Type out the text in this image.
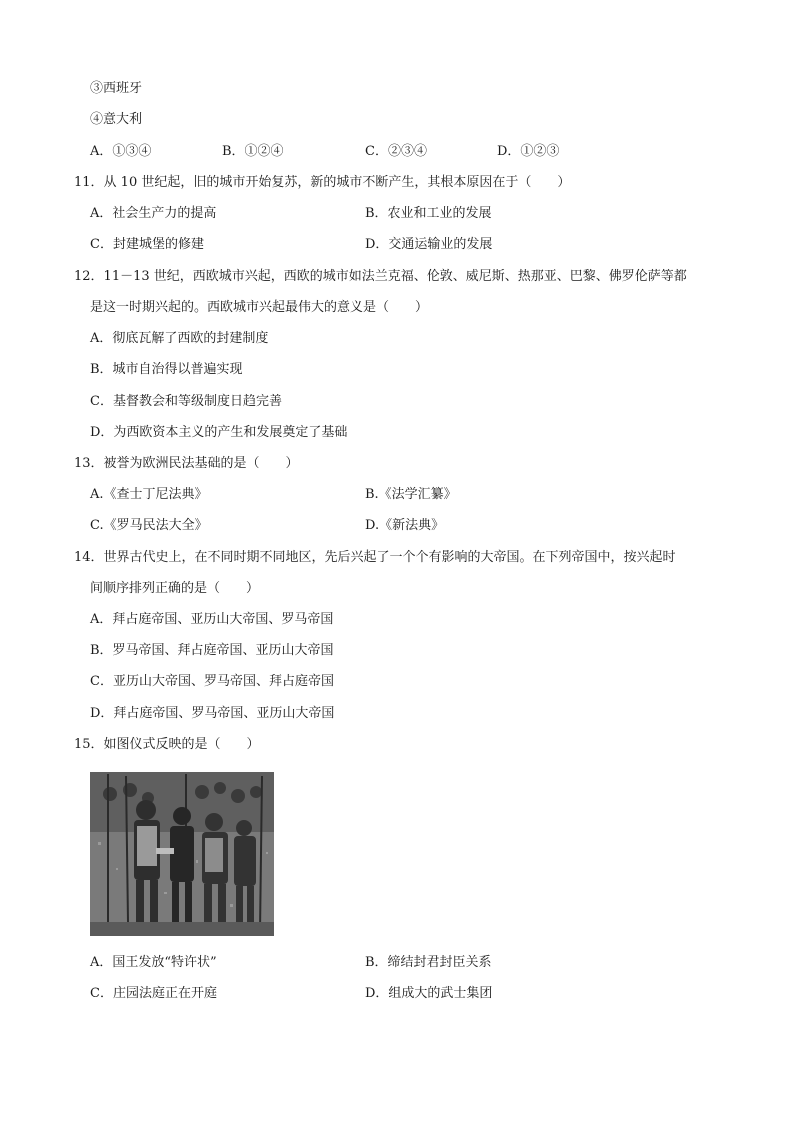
③西班牙
④意大利
A．①③④	B．①②④	C．②③④	D．①②③
11．从 10 世纪起，旧的城市开始复苏，新的城市不断产生，其根本原因在于（　　）
A．社会生产力的提高	B．农业和工业的发展
C．封建城堡的修建	D．交通运输业的发展
12．11－13 世纪，西欧城市兴起，西欧的城市如法兰克福、伦敦、威尼斯、热那亚、巴黎、佛罗伦萨等都
是这一时期兴起的。西欧城市兴起最伟大的意义是（　　）
A．彻底瓦解了西欧的封建制度
B．城市自治得以普遍实现
C．基督教会和等级制度日趋完善
D．为西欧资本主义的产生和发展奠定了基础
13．被誉为欧洲民法基础的是（　　）
A.《查士丁尼法典》	B.《法学汇纂》
C.《罗马民法大全》	D.《新法典》
14．世界古代史上，在不同时期不同地区，先后兴起了一个个有影响的大帝国。在下列帝国中，按兴起时
间顺序排列正确的是（　　）
A．拜占庭帝国、亚历山大帝国、罗马帝国
B．罗马帝国、拜占庭帝国、亚历山大帝国
C．亚历山大帝国、罗马帝国、拜占庭帝国
D．拜占庭帝国、罗马帝国、亚历山大帝国
15．如图仪式反映的是（　　）
A．国王发放“特许状”	B．缔结封君封臣关系
C．庄园法庭正在开庭	D．组成大的武士集团
